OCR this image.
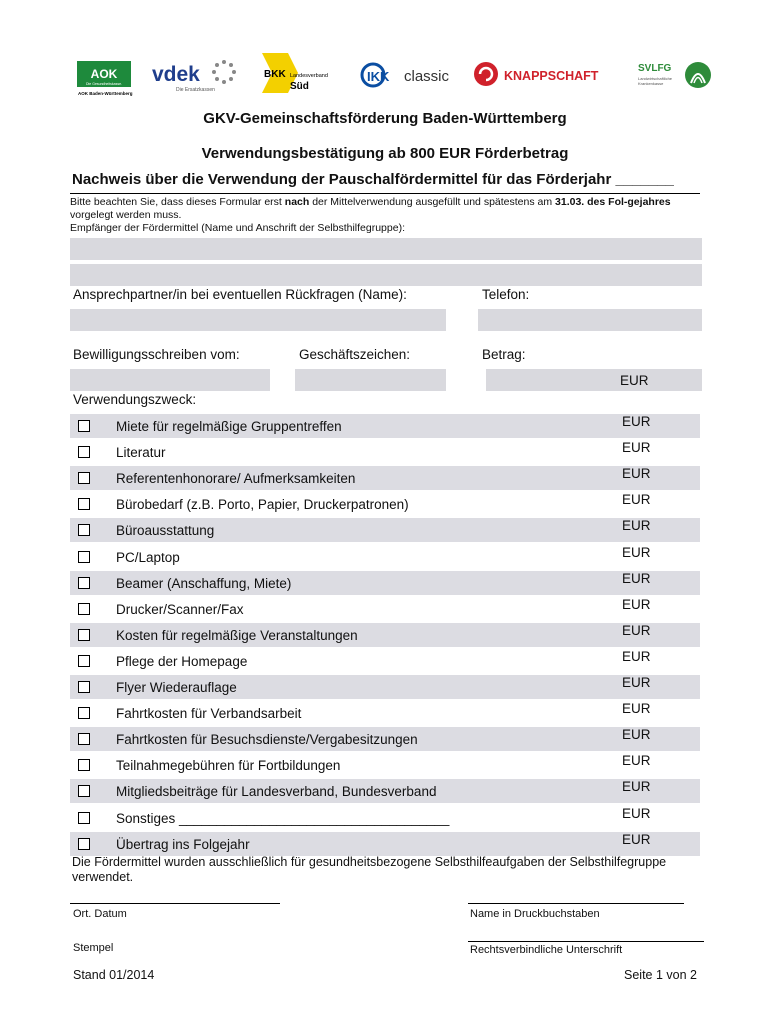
AOK
Die Gesundheitskasse.
AOK Baden-Württemberg
vdek
Die Ersatzkassen
BKK Landesverband
Süd
IKK classic	KNAPPSCHAFT
SVLFG
Landwirtschaftliche
Krankenkasse
GKV-Gemeinschaftsförderung Baden-Württemberg
Verwendungsbestätigung ab 800 EUR Förderbetrag
Nachweis über die Verwendung der Pauschalfördermittel für das Förderjahr _______
Bitte beachten Sie, dass dieses Formular erst nach der Mittelverwendung ausgefüllt und spätestens am 31.03. des Fol-gejahres vorgelegt werden muss.
Empfänger der Fördermittel (Name und Anschrift der Selbsthilfegruppe):
Ansprechpartner/in bei eventuellen Rückfragen (Name):	Telefon:
Bewilligungsschreiben vom:	Geschäftszeichen:	Betrag:
EUR
Verwendungszweck:
Miete für regelmäßige Gruppentreffen	EUR
Literatur	EUR
Referentenhonorare/ Aufmerksamkeiten	EUR
Bürobedarf (z.B. Porto, Papier, Druckerpatronen)	EUR
Büroausstattung	EUR
PC/Laptop	EUR
Beamer (Anschaffung, Miete)	EUR
Drucker/Scanner/Fax	EUR
Kosten für regelmäßige Veranstaltungen	EUR
Pflege der Homepage	EUR
Flyer Wiederauflage	EUR
Fahrtkosten für Verbandsarbeit	EUR
Fahrtkosten für Besuchsdienste/Vergabesitzungen	EUR
Teilnahmegebühren für Fortbildungen	EUR
Mitgliedsbeiträge für Landesverband, Bundesverband	EUR
Sonstiges ____________________________________	EUR
Übertrag ins Folgejahr	EUR
Die Fördermittel wurden ausschließlich für gesundheitsbezogene Selbsthilfeaufgaben der Selbsthilfegruppe verwendet.
Ort. Datum	Name in Druckbuchstaben
Stempel	Rechtsverbindliche Unterschrift
Stand 01/2014	Seite 1 von 2
